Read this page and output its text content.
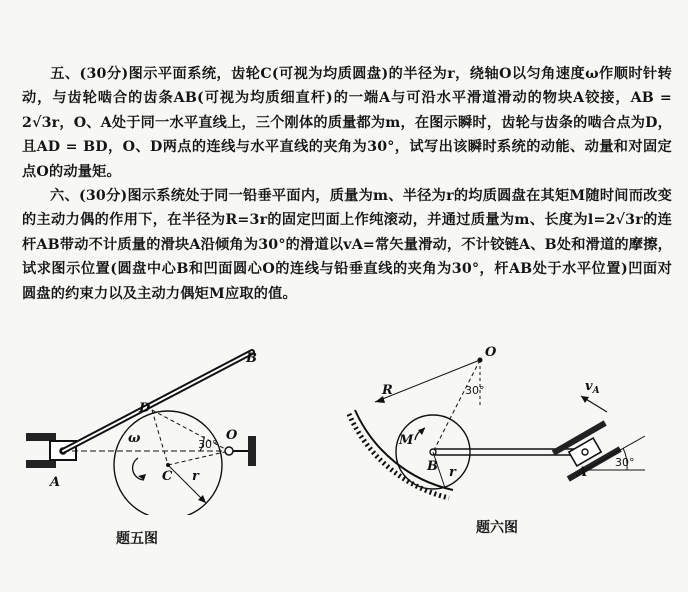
五、(30分)图示平面系统，齿轮C(可视为均质圆盘)的半径为r，绕轴O以匀角速度ω作顺时针转动，与齿轮啮合的齿条AB(可视为均质细直杆)的一端A与可沿水平滑道滑动的物块A铰接，AB = 2√3r，O、A处于同一水平直线上，三个刚体的质量都为m，在图示瞬时，齿轮与齿条的啮合点为D，且AD = BD，O、D两点的连线与水平直线的夹角为30°，试写出该瞬时系统的动能、动量和对固定点O的动量矩。

六、(30分)图示系统处于同一铅垂平面内，质量为m、半径为r的均质圆盘在其矩M随时间而改变的主动力偶的作用下，在半径为R=3r的固定凹面上作纯滚动，并通过质量为m、长度为l=2√3r的连杆AB带动不计质量的滑块A沿倾角为30°的滑道以vA=常矢量滑动，不计铰链A、B处和滑道的摩擦，试求图示位置(圆盘中心B和凹面圆心O的连线与铅垂直线的夹角为30°，杆AB处于水平位置)凹面对圆盘的约束力以及主动力偶矩M应取的值。

B
D
ω	30°
O
C r
A
题五图
O
30°
R
M
B r
$v_A$
A
30°
题六图
